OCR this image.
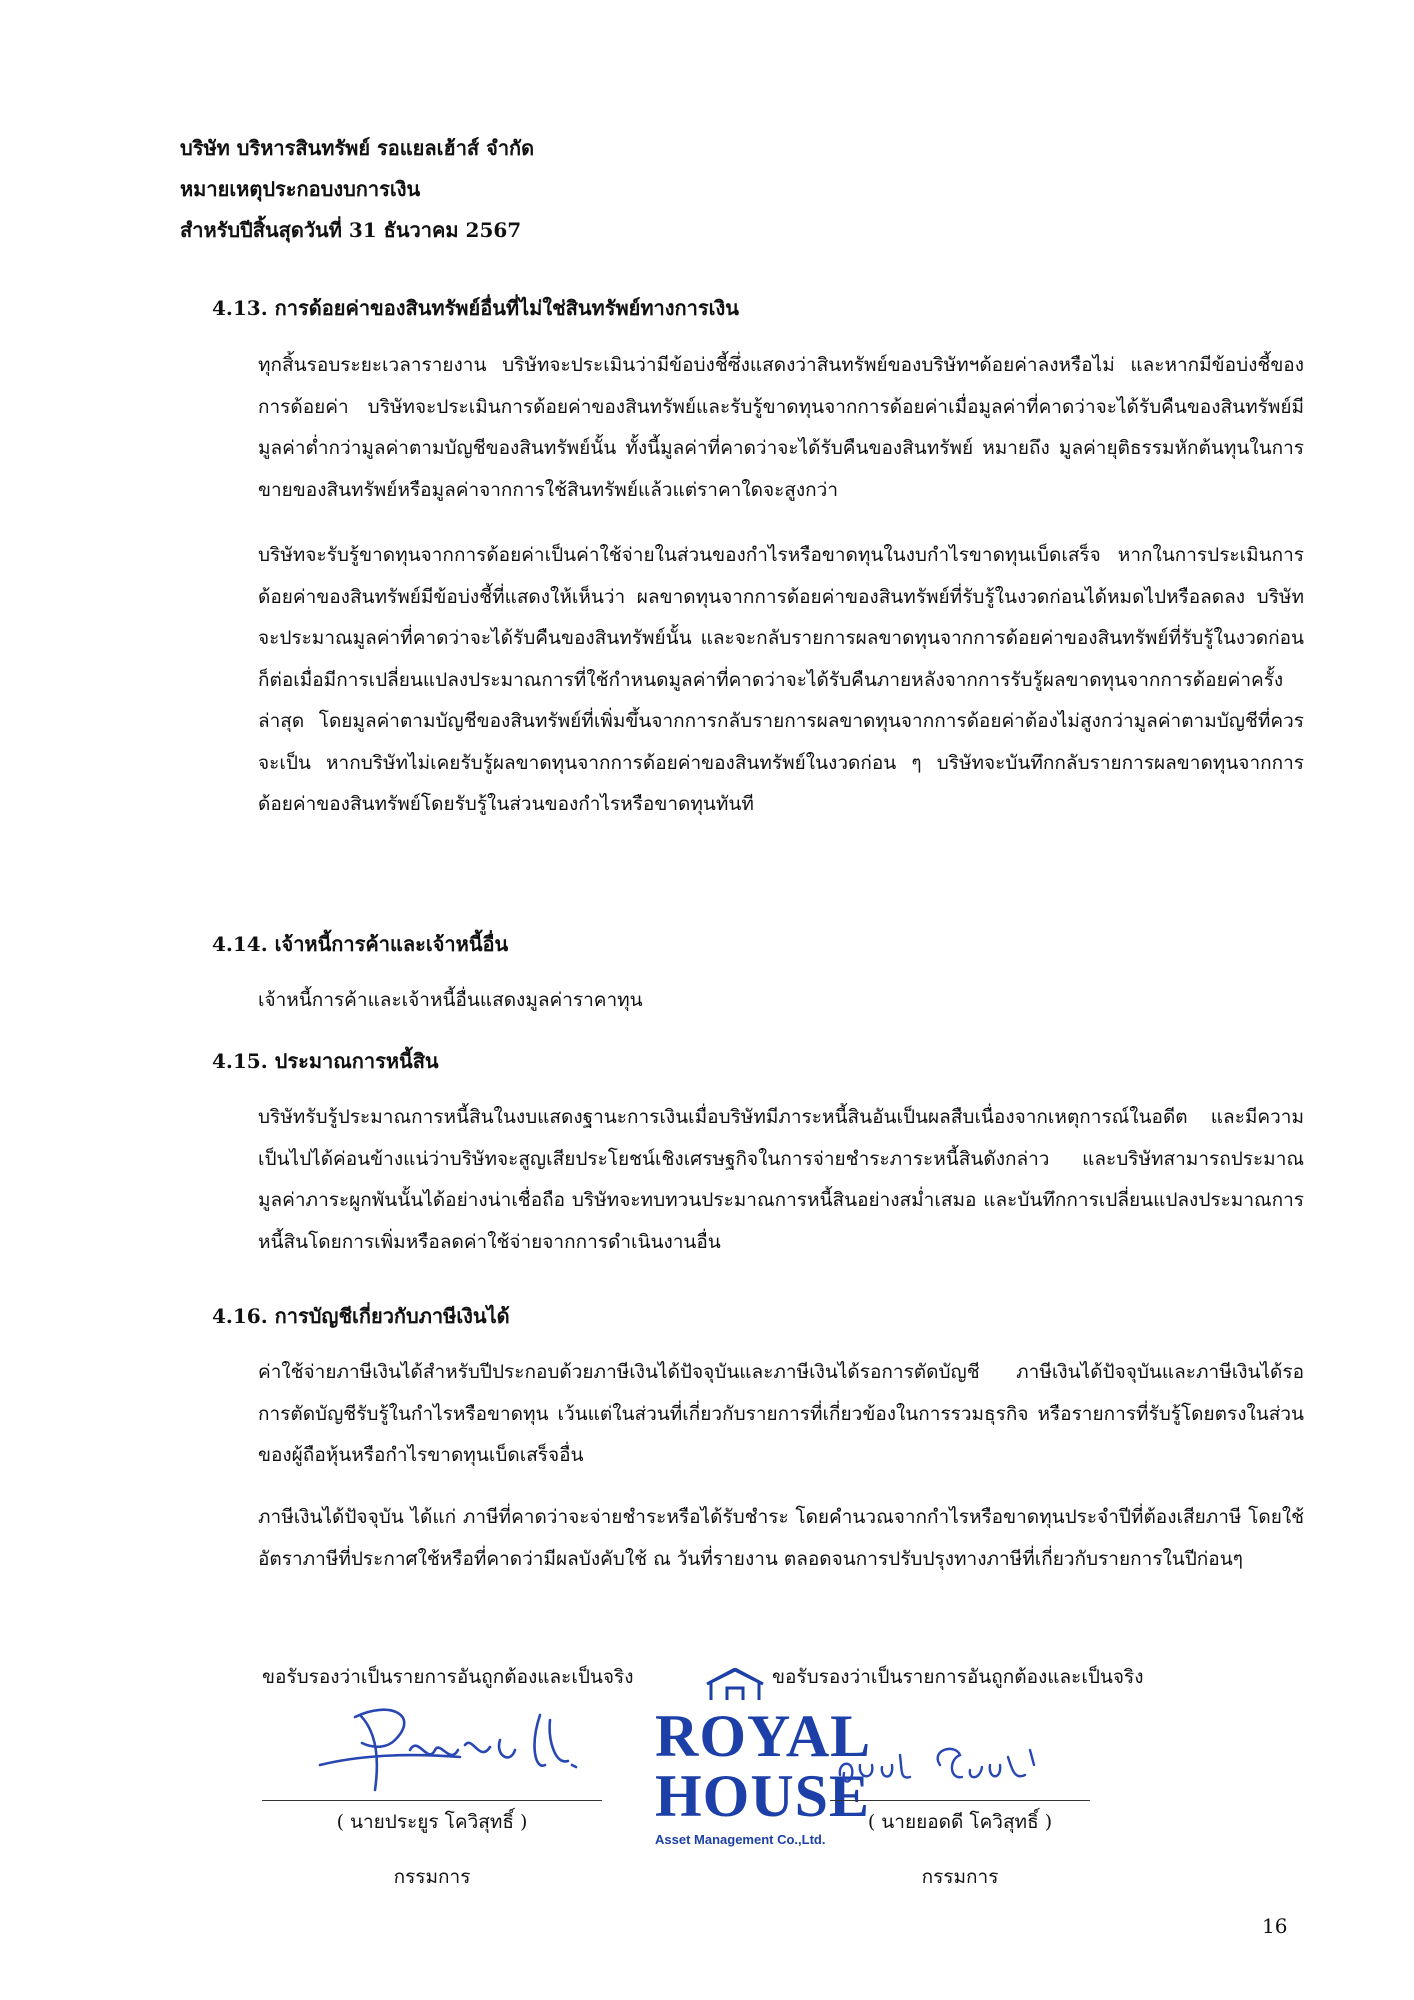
บริษัท บริหารสินทรัพย์ รอแยลเฮ้าส์ จำกัด
หมายเหตุประกอบงบการเงิน
สำหรับปีสิ้นสุดวันที่ 31 ธันวาคม 2567
4.13. การด้อยค่าของสินทรัพย์อื่นที่ไม่ใช่สินทรัพย์ทางการเงิน
ทุกสิ้นรอบระยะเวลารายงาน บริษัทจะประเมินว่ามีข้อบ่งชี้ซึ่งแสดงว่าสินทรัพย์ของบริษัทฯด้อยค่าลงหรือไม่ และหากมีข้อบ่งชี้ของการด้อยค่า บริษัทจะประเมินการด้อยค่าของสินทรัพย์และรับรู้ขาดทุนจากการด้อยค่าเมื่อมูลค่าที่คาดว่าจะได้รับคืนของสินทรัพย์มีมูลค่าต่ำกว่ามูลค่าตามบัญชีของสินทรัพย์นั้น ทั้งนี้มูลค่าที่คาดว่าจะได้รับคืนของสินทรัพย์ หมายถึง มูลค่ายุติธรรมหักต้นทุนในการขายของสินทรัพย์หรือมูลค่าจากการใช้สินทรัพย์แล้วแต่ราคาใดจะสูงกว่า
บริษัทจะรับรู้ขาดทุนจากการด้อยค่าเป็นค่าใช้จ่ายในส่วนของกำไรหรือขาดทุนในงบกำไรขาดทุนเบ็ดเสร็จ หากในการประเมินการด้อยค่าของสินทรัพย์มีข้อบ่งชี้ที่แสดงให้เห็นว่า ผลขาดทุนจากการด้อยค่าของสินทรัพย์ที่รับรู้ในงวดก่อนได้หมดไปหรือลดลง บริษัทจะประมาณมูลค่าที่คาดว่าจะได้รับคืนของสินทรัพย์นั้น และจะกลับรายการผลขาดทุนจากการด้อยค่าของสินทรัพย์ที่รับรู้ในงวดก่อนก็ต่อเมื่อมีการเปลี่ยนแปลงประมาณการที่ใช้กำหนดมูลค่าที่คาดว่าจะได้รับคืนภายหลังจากการรับรู้ผลขาดทุนจากการด้อยค่าครั้งล่าสุด โดยมูลค่าตามบัญชีของสินทรัพย์ที่เพิ่มขึ้นจากการกลับรายการผลขาดทุนจากการด้อยค่าต้องไม่สูงกว่ามูลค่าตามบัญชีที่ควรจะเป็น หากบริษัทไม่เคยรับรู้ผลขาดทุนจากการด้อยค่าของสินทรัพย์ในงวดก่อน ๆ บริษัทจะบันทึกกลับรายการผลขาดทุนจากการด้อยค่าของสินทรัพย์โดยรับรู้ในส่วนของกำไรหรือขาดทุนทันที
4.14. เจ้าหนี้การค้าและเจ้าหนี้อื่น
เจ้าหนี้การค้าและเจ้าหนี้อื่นแสดงมูลค่าราคาทุน
4.15. ประมาณการหนี้สิน
บริษัทรับรู้ประมาณการหนี้สินในงบแสดงฐานะการเงินเมื่อบริษัทมีภาระหนี้สินอันเป็นผลสืบเนื่องจากเหตุการณ์ในอดีต และมีความเป็นไปได้ค่อนข้างแน่ว่าบริษัทจะสูญเสียประโยชน์เชิงเศรษฐกิจในการจ่ายชำระภาระหนี้สินดังกล่าว และบริษัทสามารถประมาณมูลค่าภาระผูกพันนั้นได้อย่างน่าเชื่อถือ บริษัทจะทบทวนประมาณการหนี้สินอย่างสม่ำเสมอ และบันทึกการเปลี่ยนแปลงประมาณการหนี้สินโดยการเพิ่มหรือลดค่าใช้จ่ายจากการดำเนินงานอื่น
4.16. การบัญชีเกี่ยวกับภาษีเงินได้
ค่าใช้จ่ายภาษีเงินได้สำหรับปีประกอบด้วยภาษีเงินได้ปัจจุบันและภาษีเงินได้รอการตัดบัญชี ภาษีเงินได้ปัจจุบันและภาษีเงินได้รอการตัดบัญชีรับรู้ในกำไรหรือขาดทุน เว้นแต่ในส่วนที่เกี่ยวกับรายการที่เกี่ยวข้องในการรวมธุรกิจ หรือรายการที่รับรู้โดยตรงในส่วนของผู้ถือหุ้นหรือกำไรขาดทุนเบ็ดเสร็จอื่น
ภาษีเงินได้ปัจจุบัน ได้แก่ ภาษีที่คาดว่าจะจ่ายชำระหรือได้รับชำระ โดยคำนวณจากกำไรหรือขาดทุนประจำปีที่ต้องเสียภาษี โดยใช้อัตราภาษีที่ประกาศใช้หรือที่คาดว่ามีผลบังคับใช้ ณ วันที่รายงาน ตลอดจนการปรับปรุงทางภาษีที่เกี่ยวกับรายการในปีก่อนๆ
ขอรับรองว่าเป็นรายการอันถูกต้องและเป็นจริง	ขอรับรองว่าเป็นรายการอันถูกต้องและเป็นจริง
( นายประยูร โควิสุทธิ์ )
กรรมการ
ROYAL
HOUSE
Asset Management Co.,Ltd.
( นายยอดดี โควิสุทธิ์ )
กรรมการ
16
